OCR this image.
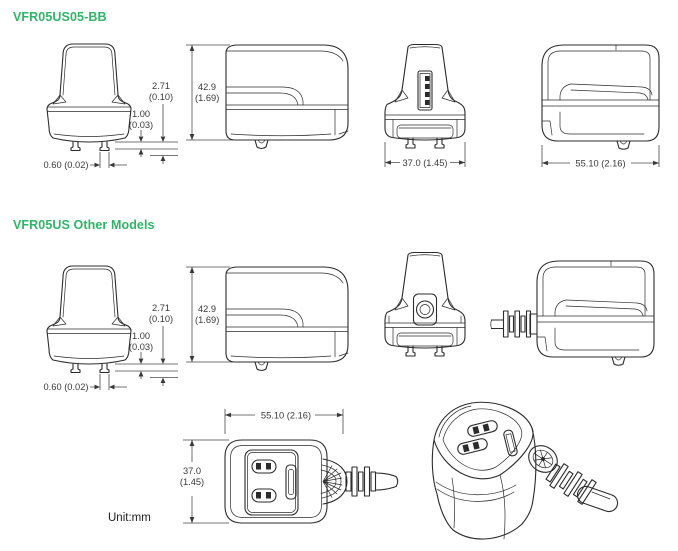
VFR05US05-BB
2.71
(0.10)
1.00
(0.03)
0.60 (0.02)
42.9
(1.69)
37.0 (1.45)	55.10 (2.16)
VFR05US Other Models
2.71
(0.10)
1.00
(0.03)
0.60 (0.02)
42.9
(1.69)
55.10 (2.16)
37.0
(1.45)
Unit:mm
